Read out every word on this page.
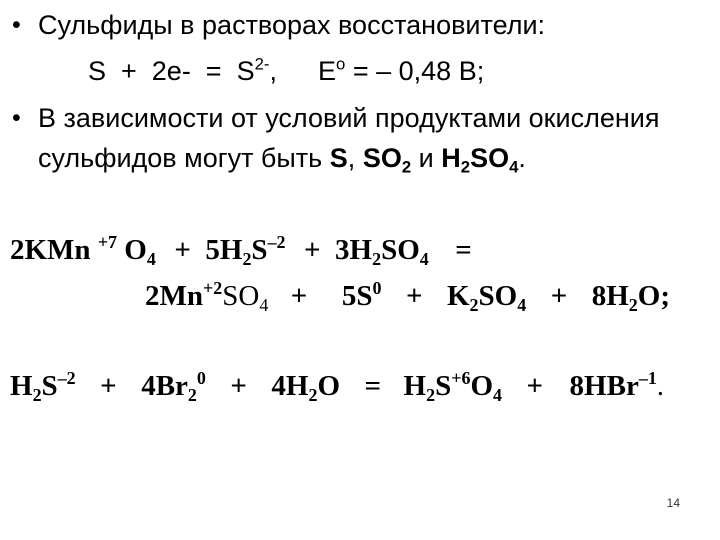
• Сульфиды в растворах восстановители:
$S + 2e- = S^{2-}$, $E^o$ = – 0,48 В;
• В зависимости от условий продуктами окисления
сульфидов могут быть S, $SO_2$ и $H_2SO_4$.
2KMn $^{+7}$ $O_4 + 5H_2S^{-2} + 3H_2SO_4$ =
$2Mn^{+2}SO_4 + 5S^0 + K_2SO_4 + 8H_2O$;
$H_2S^{-2} + 4Br_2^0 + 4H_2O = H_2S^{+6}O_4 + 8HBr^{-1}$.
14
